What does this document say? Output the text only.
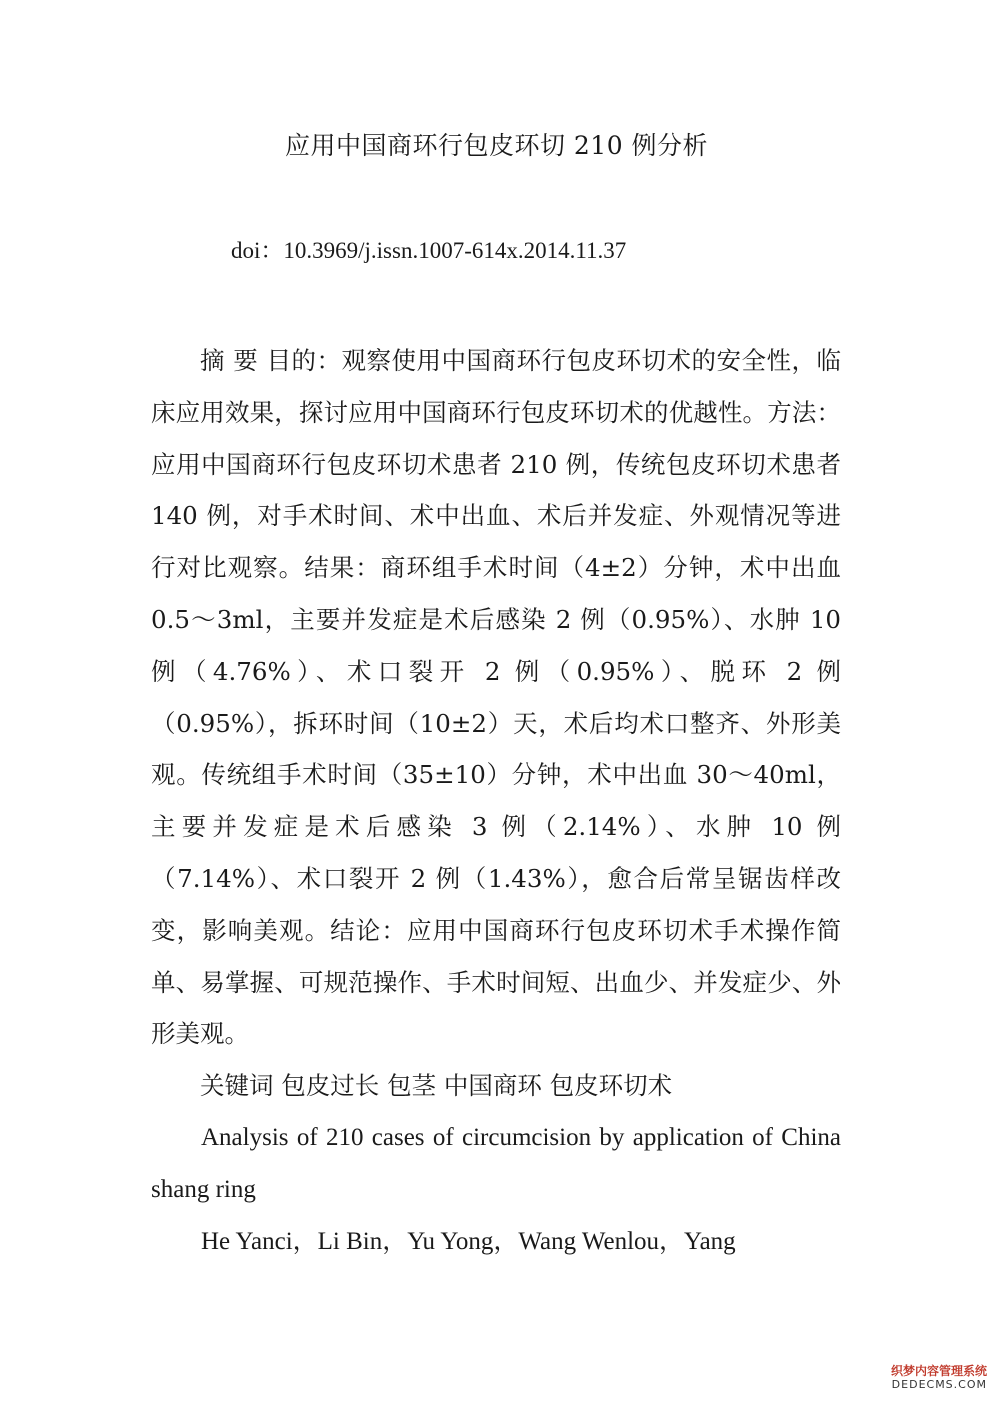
应用中国商环行包皮环切 210 例分析
doi：10.3969/j.issn.1007-614x.2014.11.37

摘 要 目的：观察使用中国商环行包皮环切术的安全性，临床应用效果，探讨应用中国商环行包皮环切术的优越性。方法：应用中国商环行包皮环切术患者 210 例，传统包皮环切术患者 140 例，对手术时间、术中出血、术后并发症、外观情况等进行对比观察。结果：商环组手术时间（4±2）分钟，术中出血 0.5～3ml，主要并发症是术后感染 2 例（0.95%）、水肿 10 例（4.76%）、术口裂开 2 例（0.95%）、脱环 2 例（0.95%），拆环时间（10±2）天，术后均术口整齐、外形美观。传统组手术时间（35±10）分钟，术中出血 30～40ml，主要并发症是术后感染 3 例（2.14%）、水肿 10 例（7.14%）、术口裂开 2 例（1.43%），愈合后常呈锯齿样改变，影响美观。结论：应用中国商环行包皮环切术手术操作简单、易掌握、可规范操作、手术时间短、出血少、并发症少、外形美观。

关键词 包皮过长 包茎 中国商环 包皮环切术

Analysis of 210 cases of circumcision by application of China shang ring

He Yanci，Li Bin，Yu Yong，Wang Wenlou，Yang

织梦内容管理系统
DEDECMS.COM
